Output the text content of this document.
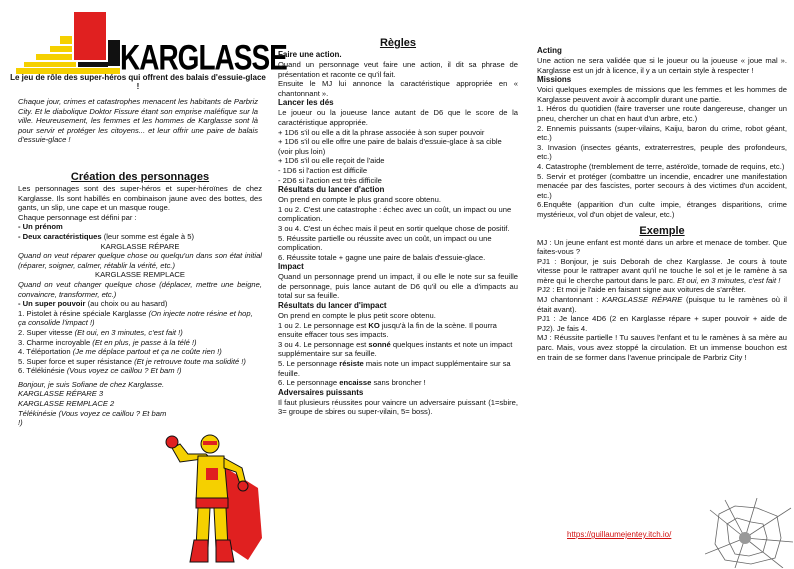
KARGLASSE
Le jeu de rôle des super-héros qui offrent des balais d'essuie-glace !
Chaque jour, crimes et catastrophes menacent les habitants de Parbriz City. Et le diabolique Doktor Fissure étant son emprise maléfique sur la ville. Heureusement, les femmes et les hommes de Karglasse sont là pour servir et protéger les citoyens... et leur offrir une paire de balais d'essuie-glace !

Création des personnages

Les personnages sont des super-héros et super-héroïnes de chez Karglasse. Ils sont habillés en combinaison jaune avec des bottes, des gants, un slip, une cape et un masque rouge.

Chaque personnage est défini par :

- Un prénom

- Deux caractéristiques (leur somme est égale à 5)

KARGLASSE RÉPARE

Quand on veut réparer quelque chose ou quelqu'un dans son état initial (réparer, soigner, calmer, rétablir la vérité, etc.)

KARGLASSE REMPLACE

Quand on veut changer quelque chose (déplacer, mettre une beigne, convaincre, transformer, etc.)

- Un super pouvoir (au choix ou au hasard)

1. Pistolet à résine spéciale Karglasse (On injecte notre résine et hop, ça consolide l'impact !)

2. Super vitesse (Et oui, en 3 minutes, c'est fait !)

3. Charme incroyable (Et en plus, je passe à la télé !)

4. Téléportation (Je me déplace partout et ça ne coûte rien !)

5. Super force et super résistance (Et je retrouve toute ma solidité !)

6. Télékinésie (Vous voyez ce caillou ? Et bam !)

Bonjour, je suis Sofiane de chez Karglasse.

KARGLASSE RÉPARE 3

KARGLASSE REMPLACE 2

Télékinésie (Vous voyez ce caillou ? Et bam !)

Règles

Faire une action.

Quand un personnage veut faire une action, il dit sa phrase de présentation et raconte ce qu'il fait.

Ensuite le MJ lui annonce la caractéristique appropriée en « chantonnant ».

Lancer les dés

Le joueur ou la joueuse lance autant de D6 que le score de la caractéristique appropriée.

+ 1D6 s'il ou elle a dit la phrase associée à son super pouvoir

+ 1D6 s'il ou elle offre une paire de balais d'essuie-glace à sa cible (voir plus loin)

+ 1D6 s'il ou elle reçoit de l'aide

- 1D6 si l'action est difficile

- 2D6 si l'action est très difficile

Résultats du lancer d'action

On prend en compte le plus grand score obtenu.

1 ou 2. C'est une catastrophe : échec avec un coût, un impact ou une complication.

3 ou 4. C'est un échec mais il peut en sortir quelque chose de positif.

5. Réussite partielle ou réussite avec un coût, un impact ou une complication.

6. Réussite totale + gagne une paire de balais d'essuie-glace.

Impact

Quand un personnage prend un impact, il ou elle le note sur sa feuille de personnage, puis lance autant de D6 qu'il ou elle a d'impacts au total sur sa feuille.

Résultats du lancer d'impact

On prend en compte le plus petit score obtenu.

1 ou 2. Le personnage est KO jusqu'à la fin de la scène. Il pourra ensuite effacer tous ses impacts.

3 ou 4. Le personnage est sonné quelques instants et note un impact supplémentaire sur sa feuille.

5. Le personnage résiste mais note un impact supplémentaire sur sa feuille.

6. Le personnage encaisse sans broncher !

Adversaires puissants

Il faut plusieurs réussites pour vaincre un adversaire puissant (1=sbire, 3= groupe de sbires ou super-vilain, 5= boss).

Acting

Une action ne sera validée que si le joueur ou la joueuse « joue mal ». Karglasse est un jdr à licence, il y a un certain style à respecter !

Missions

Voici quelques exemples de missions que les femmes et les hommes de Karglasse peuvent avoir à accomplir durant une partie.

1. Héros du quotidien (faire traverser une route dangereuse, changer un pneu, chercher un chat en haut d'un arbre, etc.)

2. Ennemis puissants (super-vilains, Kaiju, baron du crime, robot géant, etc.)

3. Invasion (insectes géants, extraterrestres, peuple des profondeurs, etc.)

4. Catastrophe (tremblement de terre, astéroïde, tornade de requins, etc.)

5. Servir et protéger (combattre un incendie, encadrer une manifestation menacée par des fascistes, porter secours à des victimes d'un accident, etc.)

6.Enquête (apparition d'un culte impie, étranges disparitions, crime mystérieux, vol d'un objet de valeur, etc.)

Exemple

MJ : Un jeune enfant est monté dans un arbre et menace de tomber. Que faites-vous ?

PJ1 : Bonjour, je suis Deborah de chez Karglasse. Je cours à toute vitesse pour le rattraper avant qu'il ne touche le sol et je le ramène à sa mère qui le cherche partout dans le parc. Et oui, en 3 minutes, c'est fait !

PJ2 : Et moi je l'aide en faisant signe aux voitures de s'arrêter.

MJ chantonnant : KARGLASSE RÉPARE (puisque tu le ramènes où il était avant).

PJ1 : Je lance 4D6 (2 en Karglasse répare + super pouvoir + aide de PJ2). Je fais 4.

MJ : Réussite partielle ! Tu sauves l'enfant et tu le ramènes à sa mère au parc. Mais, vous avez stoppé la circulation. Et un immense bouchon est en train de se former dans l'avenue principale de Parbriz City !

https://guillaumejentey.itch.io/
